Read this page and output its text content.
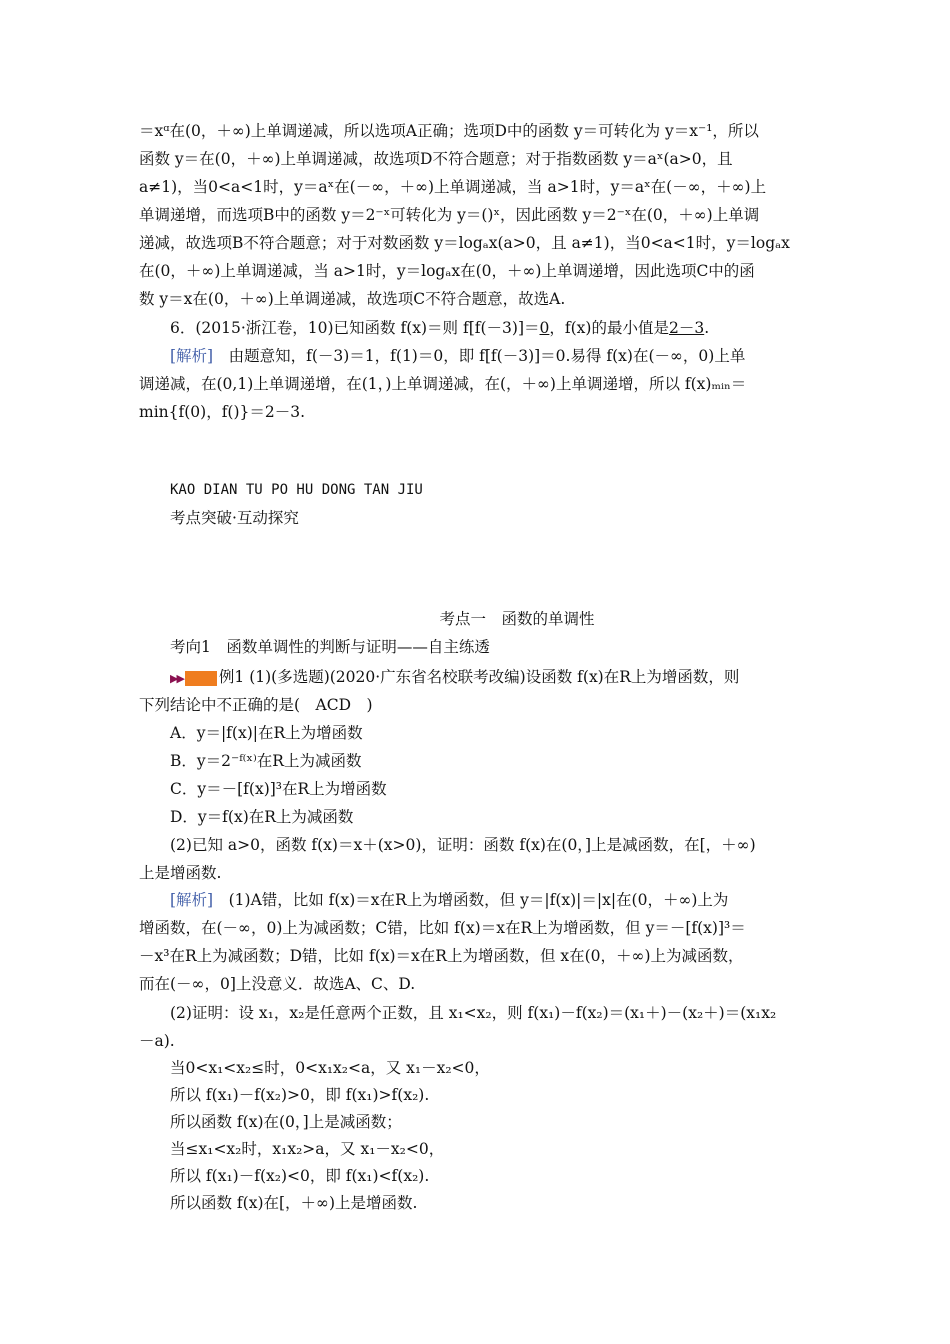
＝xᵅ在(0，＋∞)上单调递减，所以选项A正确；选项D中的函数 y＝可转化为 y＝x⁻¹，所以
函数 y＝在(0，＋∞)上单调递减，故选项D不符合题意；对于指数函数 y＝aˣ(a>0，且
a≠1)，当0<a<1时，y＝aˣ在(－∞，＋∞)上单调递减，当 a>1时，y＝aˣ在(－∞，＋∞)上
单调递增，而选项B中的函数 y＝2⁻ˣ可转化为 y＝()ˣ，因此函数 y＝2⁻ˣ在(0，＋∞)上单调
递减，故选项B不符合题意；对于对数函数 y＝logₐx(a>0，且 a≠1)，当0<a<1时，y＝logₐx
在(0，＋∞)上单调递减，当 a>1时，y＝logₐx在(0，＋∞)上单调递增，因此选项C中的函
数 y＝x在(0，＋∞)上单调递减，故选项C不符合题意，故选A.
6．(2015·浙江卷，10)已知函数 f(x)＝则 f[f(－3)]＝0，f(x)的最小值是2－3.
[解析]　由题意知，f(－3)＝1，f(1)＝0，即 f[f(－3)]＝0.易得 f(x)在(－∞，0)上单
调递减，在(0,1)上单调递增，在(1，)上单调递减，在(，＋∞)上单调递增，所以 f(x)ₘᵢₙ＝
min{f(0)，f()}＝2－3.
KAO DIAN TU PO HU DONG TAN JIU
考点突破·互动探究
考点一　函数的单调性
考向1　函数单调性的判断与证明——自主练透
▶▶ 例1 (1)(多选题)(2020·广东省名校联考改编)设函数 f(x)在R上为增函数，则
下列结论中不正确的是(　ACD　)
A．y＝|f(x)|在R上为增函数
B．y＝2⁻ᶠ⁽ˣ⁾在R上为减函数
C．y＝－[f(x)]³在R上为增函数
D．y＝f(x)在R上为减函数
(2)已知 a>0，函数 f(x)＝x＋(x>0)，证明：函数 f(x)在(0，]上是减函数，在[，＋∞)
上是增函数.
[解析]　(1)A错，比如 f(x)＝x在R上为增函数，但 y＝|f(x)|＝|x|在(0，＋∞)上为
增函数，在(－∞，0)上为减函数；C错，比如 f(x)＝x在R上为增函数，但 y＝－[f(x)]³＝
－x³在R上为减函数；D错，比如 f(x)＝x在R上为增函数，但 x在(0，＋∞)上为减函数，
而在(－∞，0]上没意义．故选A、C、D.
(2)证明：设 x₁，x₂是任意两个正数，且 x₁<x₂，则 f(x₁)－f(x₂)＝(x₁＋)－(x₂＋)＝(x₁x₂
－a).
当0<x₁<x₂≤时，0<x₁x₂<a，又 x₁－x₂<0，
所以 f(x₁)－f(x₂)>0，即 f(x₁)>f(x₂).
所以函数 f(x)在(0，]上是减函数；
当≤x₁<x₂时，x₁x₂>a，又 x₁－x₂<0，
所以 f(x₁)－f(x₂)<0，即 f(x₁)<f(x₂).
所以函数 f(x)在[，＋∞)上是增函数.
